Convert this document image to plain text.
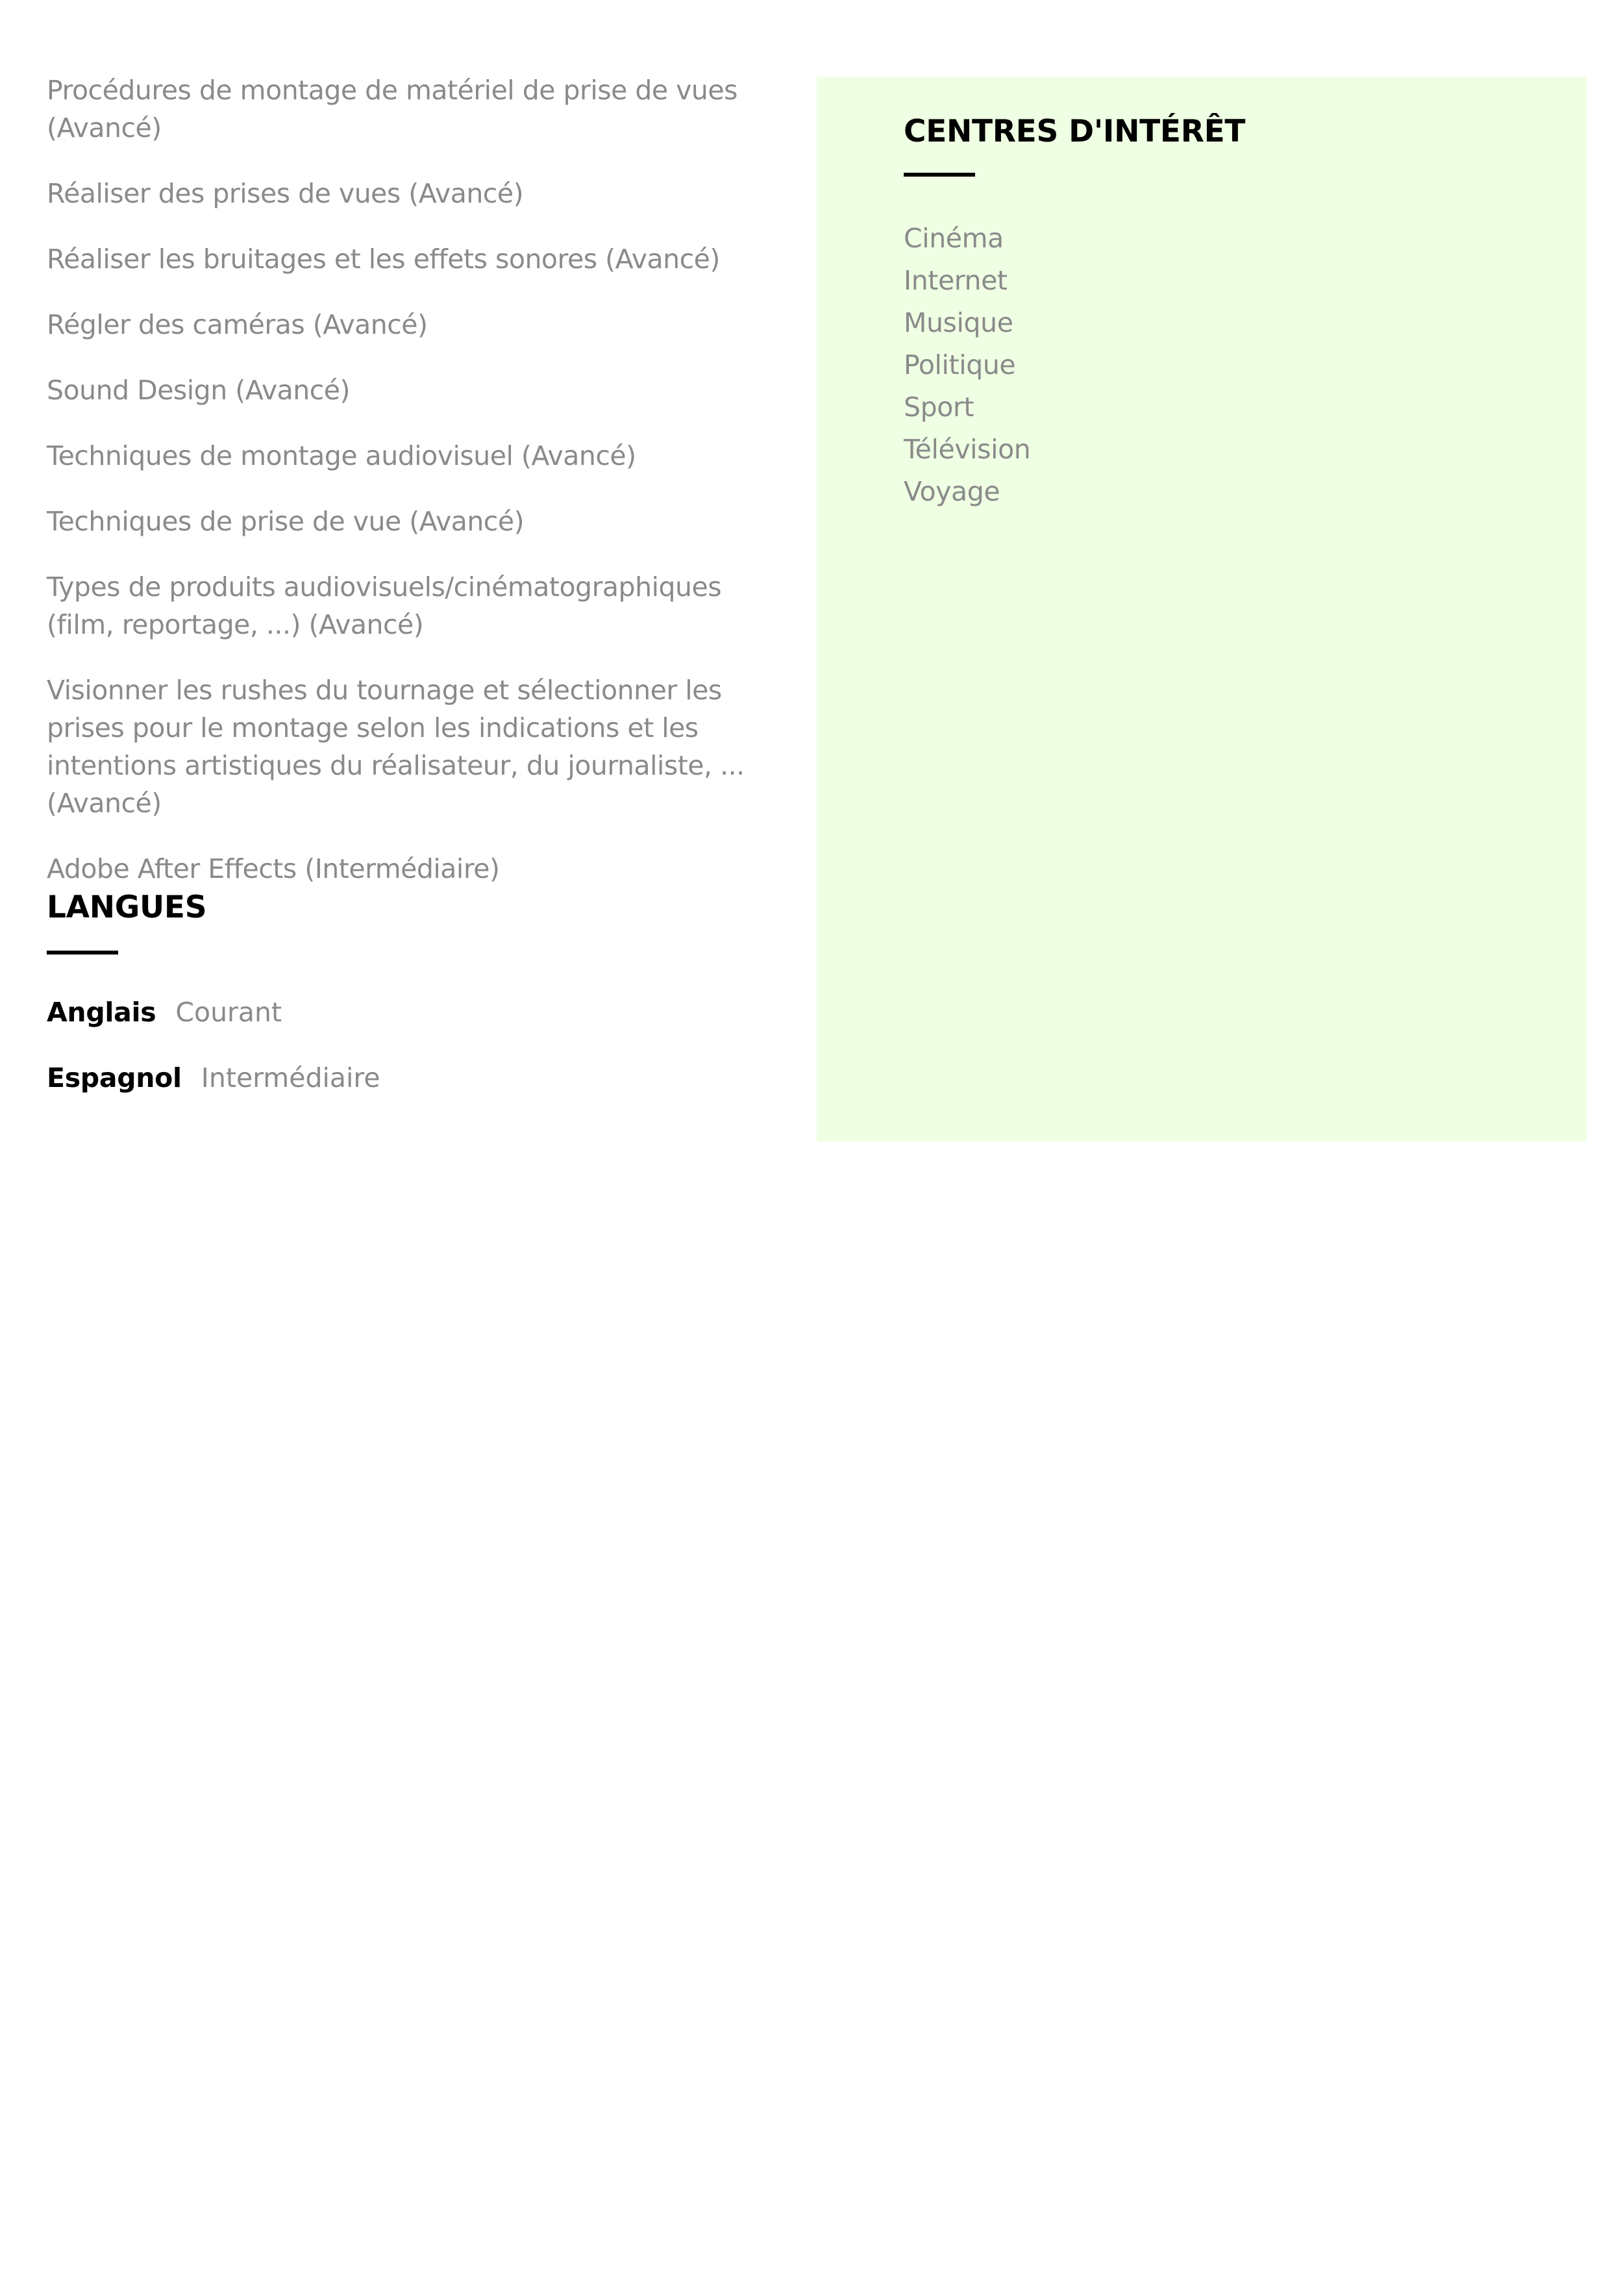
Procédures de montage de matériel de prise de vues (Avancé)
Réaliser des prises de vues (Avancé)
Réaliser les bruitages et les effets sonores (Avancé)
Régler des caméras (Avancé)
Sound Design (Avancé)
Techniques de montage audiovisuel (Avancé)
Techniques de prise de vue (Avancé)
Types de produits audiovisuels/cinématographiques (film, reportage, ...) (Avancé)
Visionner les rushes du tournage et sélectionner les prises pour le montage selon les indications et les intentions artistiques du réalisateur, du journaliste, ... (Avancé)
Adobe After Effects (Intermédiaire)
LANGUES
Anglais Courant
Espagnol Intermédiaire
CENTRES D'INTÉRÊT
Cinéma
Internet
Musique
Politique
Sport
Télévision
Voyage
